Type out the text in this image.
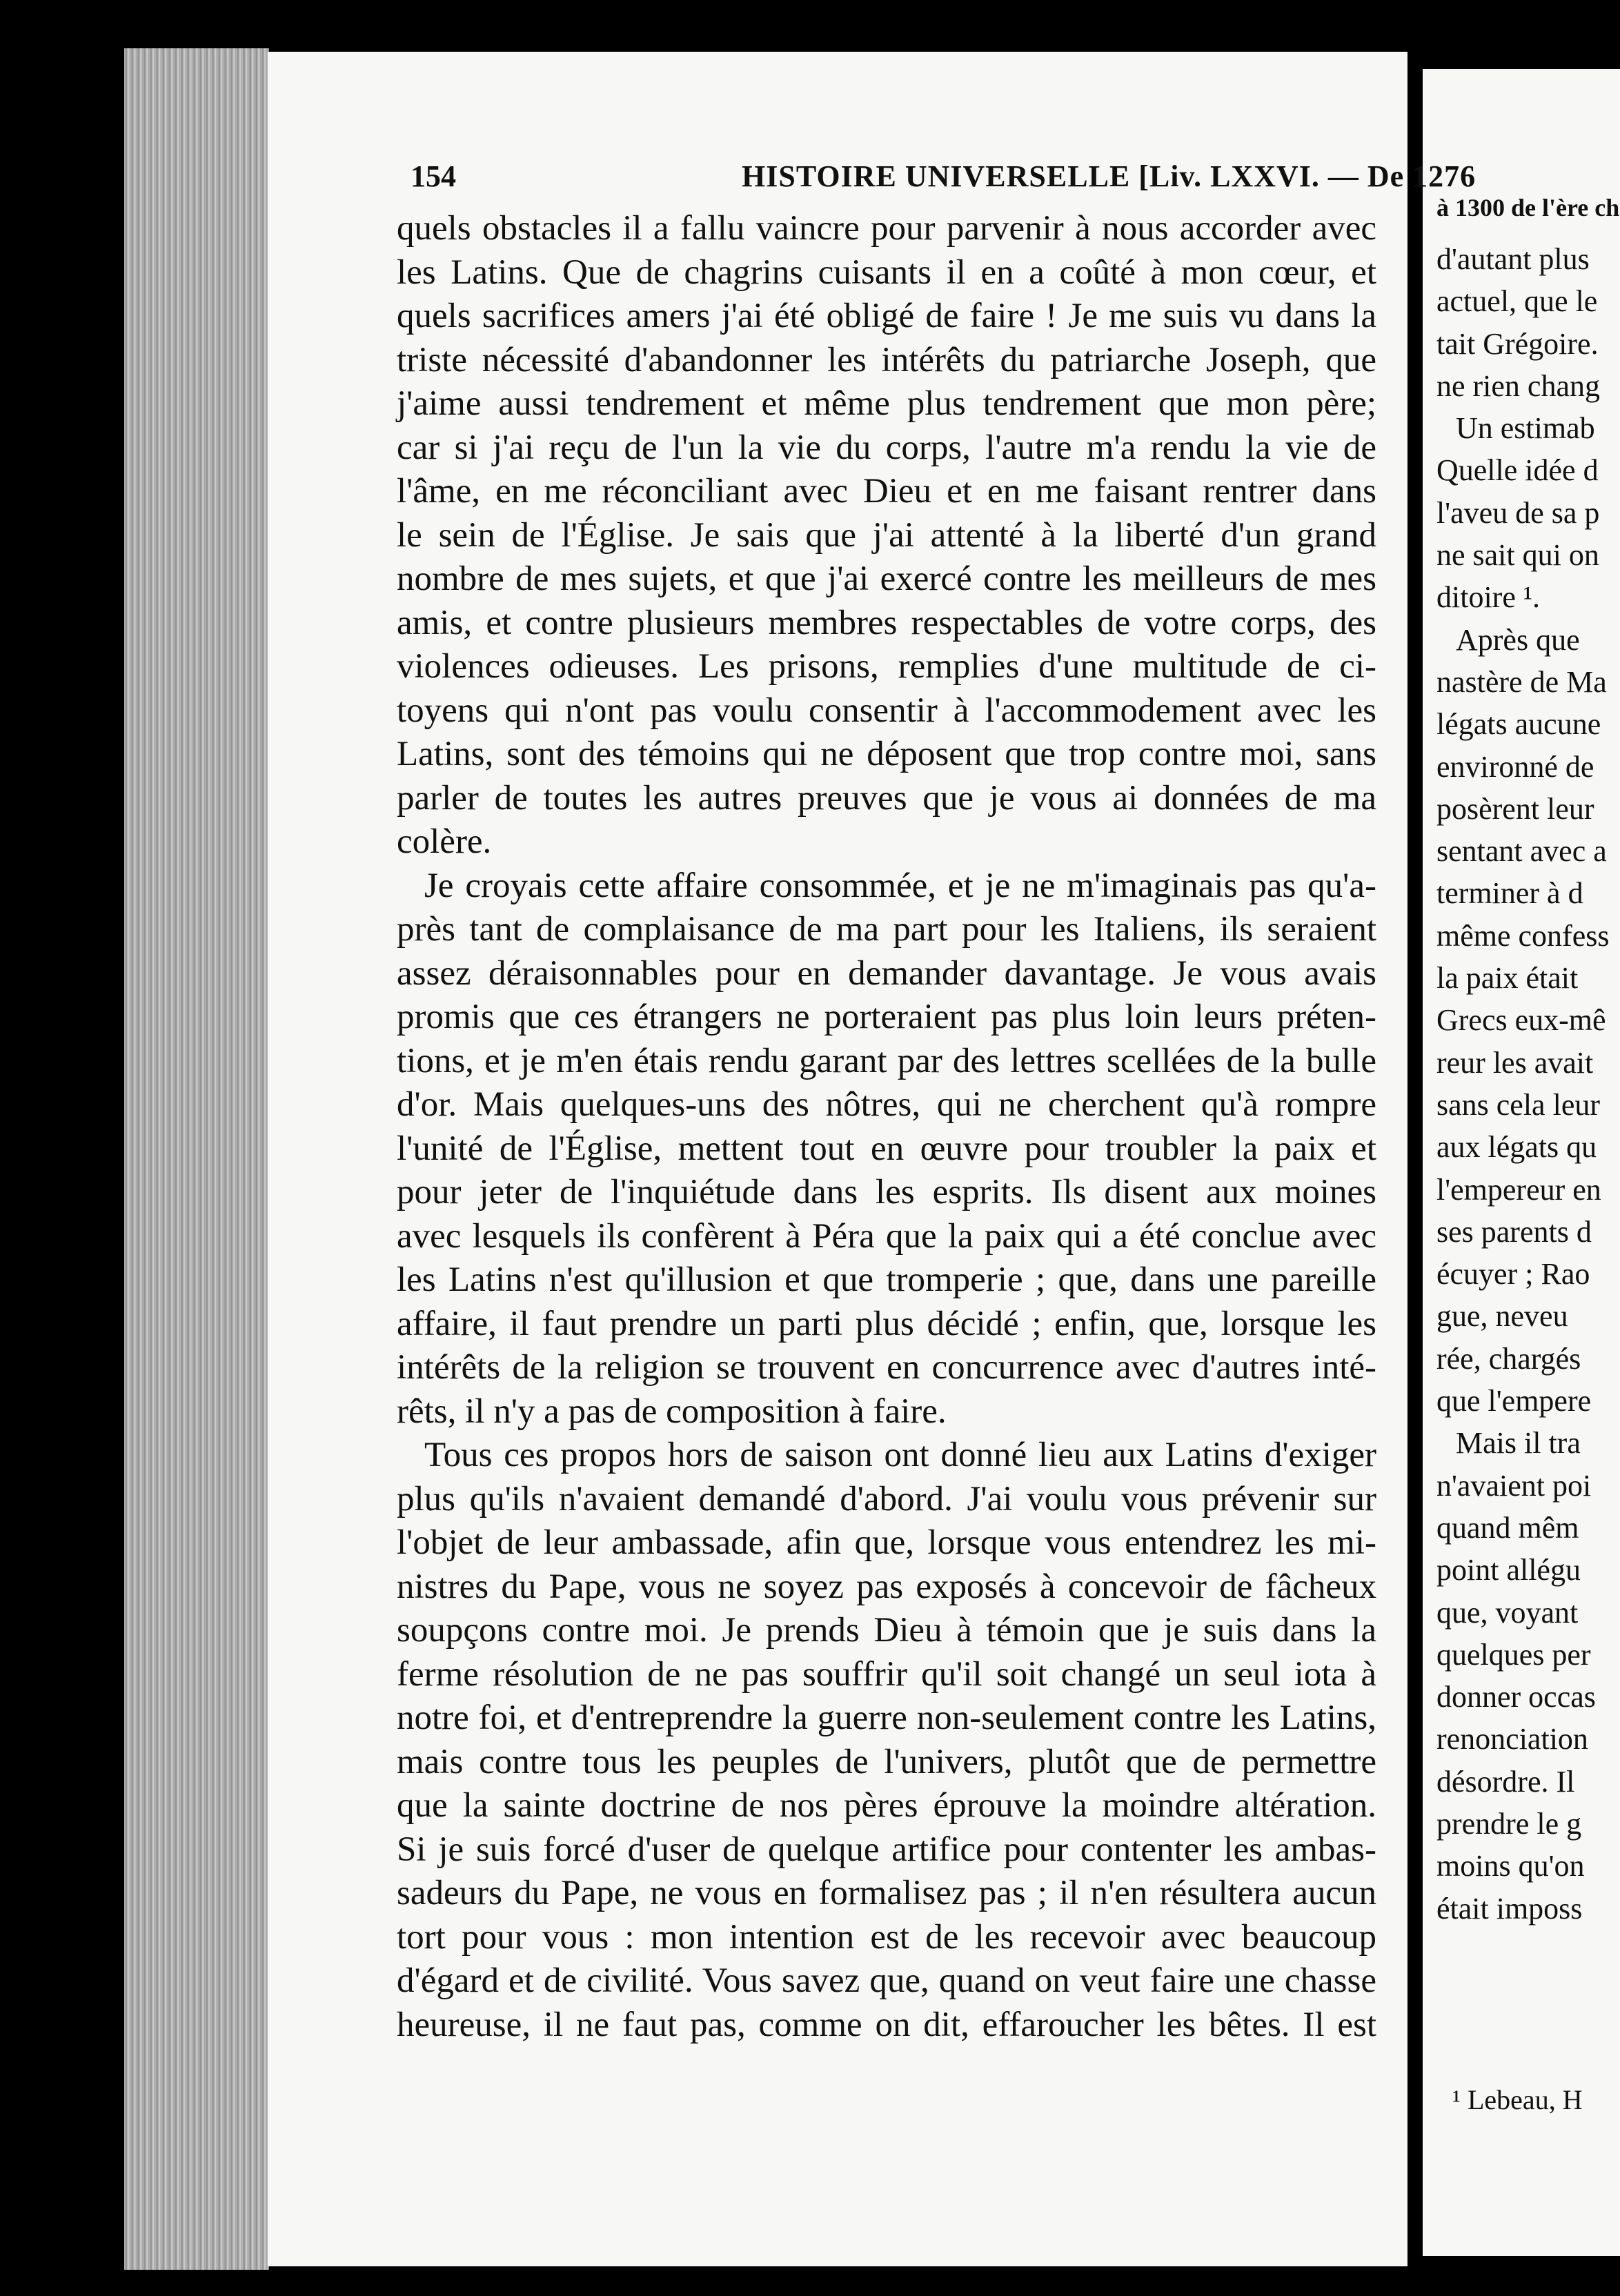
154	HISTOIRE UNIVERSELLE [Liv. LXXVI. — De 1276
quels obstacles il a fallu vaincre pour parvenir à nous accorder avec
les Latins. Que de chagrins cuisants il en a coûté à mon cœur, et
quels sacrifices amers j'ai été obligé de faire ! Je me suis vu dans la
triste nécessité d'abandonner les intérêts du patriarche Joseph, que
j'aime aussi tendrement et même plus tendrement que mon père;
car si j'ai reçu de l'un la vie du corps, l'autre m'a rendu la vie de
l'âme, en me réconciliant avec Dieu et en me faisant rentrer dans
le sein de l'Église. Je sais que j'ai attenté à la liberté d'un grand
nombre de mes sujets, et que j'ai exercé contre les meilleurs de mes
amis, et contre plusieurs membres respectables de votre corps, des
violences odieuses. Les prisons, remplies d'une multitude de ci-
toyens qui n'ont pas voulu consentir à l'accommodement avec les
Latins, sont des témoins qui ne déposent que trop contre moi, sans
parler de toutes les autres preuves que je vous ai données de ma
colère.
Je croyais cette affaire consommée, et je ne m'imaginais pas qu'a-
près tant de complaisance de ma part pour les Italiens, ils seraient
assez déraisonnables pour en demander davantage. Je vous avais
promis que ces étrangers ne porteraient pas plus loin leurs préten-
tions, et je m'en étais rendu garant par des lettres scellées de la bulle
d'or. Mais quelques-uns des nôtres, qui ne cherchent qu'à rompre
l'unité de l'Église, mettent tout en œuvre pour troubler la paix et
pour jeter de l'inquiétude dans les esprits. Ils disent aux moines
avec lesquels ils confèrent à Péra que la paix qui a été conclue avec
les Latins n'est qu'illusion et que tromperie ; que, dans une pareille
affaire, il faut prendre un parti plus décidé ; enfin, que, lorsque les
intérêts de la religion se trouvent en concurrence avec d'autres inté-
rêts, il n'y a pas de composition à faire.
Tous ces propos hors de saison ont donné lieu aux Latins d'exiger
plus qu'ils n'avaient demandé d'abord. J'ai voulu vous prévenir sur
l'objet de leur ambassade, afin que, lorsque vous entendrez les mi-
nistres du Pape, vous ne soyez pas exposés à concevoir de fâcheux
soupçons contre moi. Je prends Dieu à témoin que je suis dans la
ferme résolution de ne pas souffrir qu'il soit changé un seul iota à
notre foi, et d'entreprendre la guerre non-seulement contre les Latins,
mais contre tous les peuples de l'univers, plutôt que de permettre
que la sainte doctrine de nos pères éprouve la moindre altération.
Si je suis forcé d'user de quelque artifice pour contenter les ambas-
sadeurs du Pape, ne vous en formalisez pas ; il n'en résultera aucun
tort pour vous : mon intention est de les recevoir avec beaucoup
d'égard et de civilité. Vous savez que, quand on veut faire une chasse
heureuse, il ne faut pas, comme on dit, effaroucher les bêtes. Il est
à 1300 de l'ère ch
d'autant plus
actuel, que le
tait Grégoire.
ne rien chang
Un estimab
Quelle idée d
l'aveu de sa p
ne sait qui on
ditoire ¹.
Après que
nastère de Ma
légats aucune
environné de
posèrent leur
sentant avec a
terminer à d
même confess
la paix était
Grecs eux-mê
reur les avait
sans cela leur
aux légats qu
l'empereur en
ses parents d
écuyer ; Rao
gue, neveu
rée, chargés
que l'empere
Mais il tra
n'avaient poi
quand mêm
point allégu
que, voyant
quelques per
donner occas
renonciation
désordre. Il
prendre le g
moins qu'on
était imposs
¹ Lebeau, H
